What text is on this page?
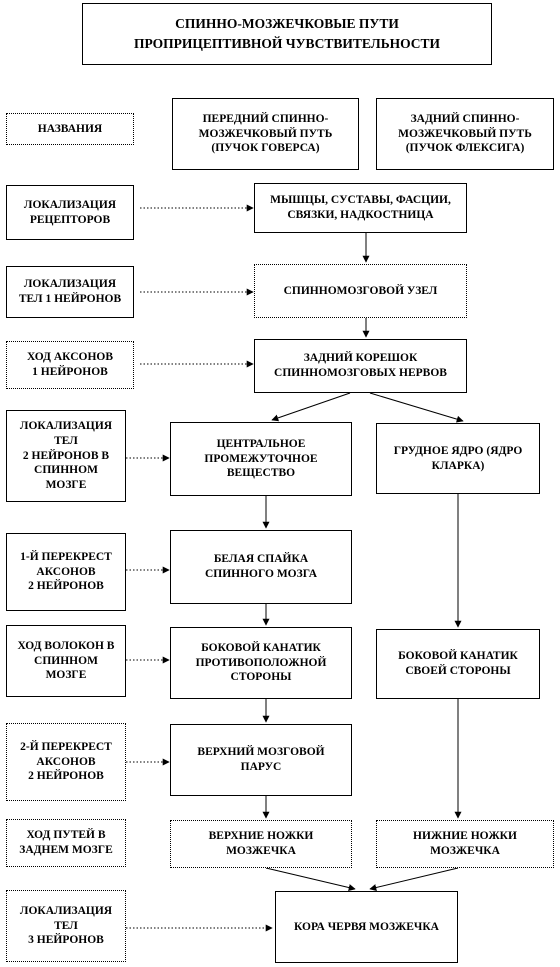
СПИННО-МОЗЖЕЧКОВЫЕ ПУТИ
ПРОПРИЦЕПТИВНОЙ ЧУВСТВИТЕЛЬНОСТИ
НАЗВАНИЯ
ЛОКАЛИЗАЦИЯ
РЕЦЕПТОРОВ
ЛОКАЛИЗАЦИЯ
ТЕЛ 1 НЕЙРОНОВ
ХОД АКСОНОВ
1 НЕЙРОНОВ
ЛОКАЛИЗАЦИЯ
ТЕЛ
2 НЕЙРОНОВ В
СПИННОМ
МОЗГЕ
1-Й ПЕРЕКРЕСТ
АКСОНОВ
2 НЕЙРОНОВ
ХОД ВОЛОКОН В
СПИННОМ
МОЗГЕ
2-Й ПЕРЕКРЕСТ
АКСОНОВ
2 НЕЙРОНОВ
ХОД ПУТЕЙ В
ЗАДНЕМ МОЗГЕ
ЛОКАЛИЗАЦИЯ
ТЕЛ
3 НЕЙРОНОВ
ПЕРЕДНИЙ СПИННО-
МОЗЖЕЧКОВЫЙ ПУТЬ
(ПУЧОК ГОВЕРСА)
ЗАДНИЙ СПИННО-
МОЗЖЕЧКОВЫЙ ПУТЬ
(ПУЧОК ФЛЕКСИГА)
МЫШЦЫ, СУСТАВЫ, ФАСЦИИ,
СВЯЗКИ, НАДКОСТНИЦА
СПИННОМОЗГОВОЙ УЗЕЛ
ЗАДНИЙ КОРЕШОК
СПИННОМОЗГОВЫХ НЕРВОВ
ЦЕНТРАЛЬНОЕ
ПРОМЕЖУТОЧНОЕ
ВЕЩЕСТВО
ГРУДНОЕ ЯДРО (ЯДРО
КЛАРКА)
БЕЛАЯ СПАЙКА
СПИННОГО МОЗГА
БОКОВОЙ КАНАТИК
ПРОТИВОПОЛОЖНОЙ
СТОРОНЫ
БОКОВОЙ КАНАТИК
СВОЕЙ СТОРОНЫ
ВЕРХНИЙ МОЗГОВОЙ
ПАРУС
ВЕРХНИЕ НОЖКИ
МОЗЖЕЧКА
НИЖНИЕ НОЖКИ
МОЗЖЕЧКА
КОРА ЧЕРВЯ МОЗЖЕЧКА
